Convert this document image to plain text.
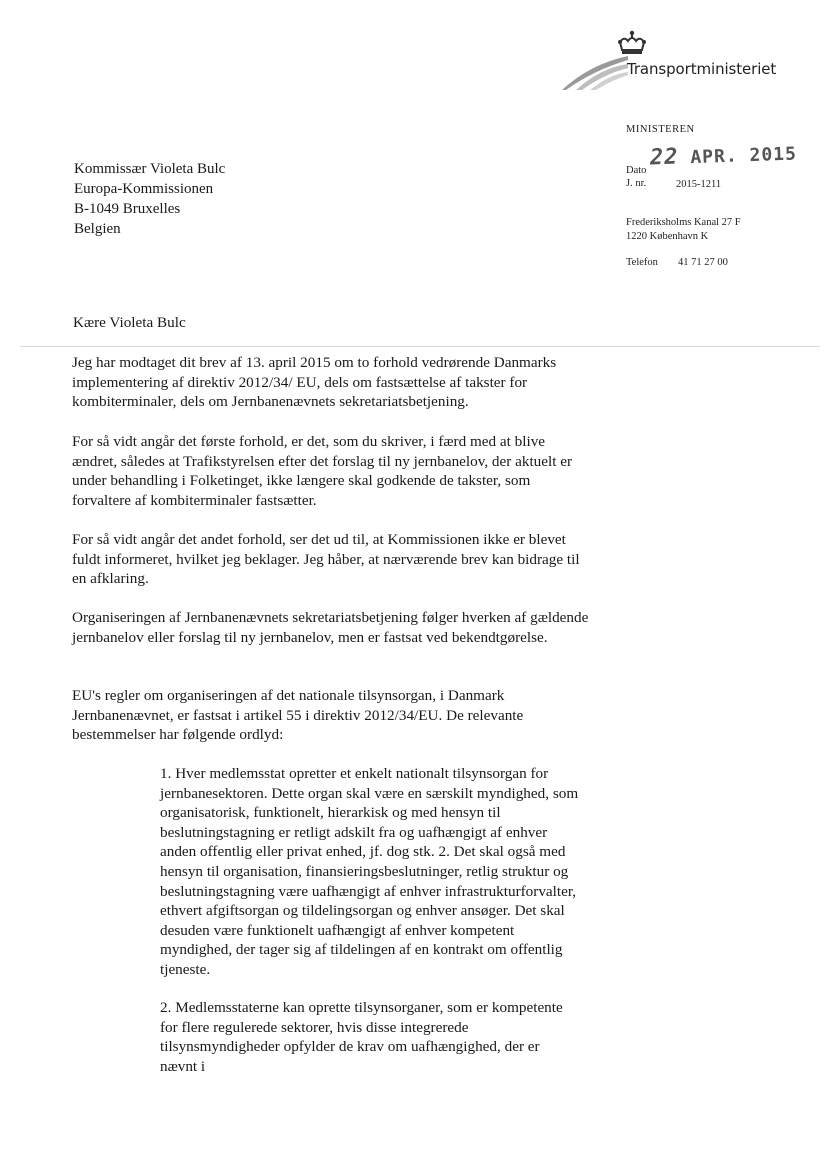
Transportministeriet
MINISTEREN
Dato 22 APR. 2015
J. nr.	2015-1211
Frederiksholms Kanal 27 F
1220 København K
Telefon 41 71 27 00
Kommissær Violeta Bulc
Europa-Kommissionen
B-1049 Bruxelles
Belgien
Kære Violeta Bulc

Jeg har modtaget dit brev af 13. april 2015 om to forhold vedrørende Danmarks implementering af direktiv 2012/34/ EU, dels om fastsættelse af takster for kombiterminaler, dels om Jernbanenævnets sekretariatsbetjening.

For så vidt angår det første forhold, er det, som du skriver, i færd med at blive ændret, således at Trafikstyrelsen efter det forslag til ny jernbanelov, der aktuelt er under behandling i Folketinget, ikke længere skal godkende de takster, som forvaltere af kombiterminaler fastsætter.

For så vidt angår det andet forhold, ser det ud til, at Kommissionen ikke er blevet fuldt informeret, hvilket jeg beklager. Jeg håber, at nærværende brev kan bidrage til en afklaring.

Organiseringen af Jernbanenævnets sekretariatsbetjening følger hverken af gældende jernbanelov eller forslag til ny jernbanelov, men er fastsat ved bekendtgørelse.

EU's regler om organiseringen af det nationale tilsynsorgan, i Danmark Jernbanenævnet, er fastsat i artikel 55 i direktiv 2012/34/EU. De relevante bestemmelser har følgende ordlyd:

1. Hver medlemsstat opretter et enkelt nationalt tilsynsorgan for jernbanesektoren. Dette organ skal være en særskilt myndighed, som organisatorisk, funktionelt, hierarkisk og med hensyn til beslutningstagning er retligt adskilt fra og uafhængigt af enhver anden offentlig eller privat enhed, jf. dog stk. 2. Det skal også med hensyn til organisation, finansieringsbeslutninger, retlig struktur og beslutningstagning være uafhængigt af enhver infrastrukturforvalter, ethvert afgiftsorgan og tildelingsorgan og enhver ansøger. Det skal desuden være funktionelt uafhængigt af enhver kompetent myndighed, der tager sig af tildelingen af en kontrakt om offentlig tjeneste.

2. Medlemsstaterne kan oprette tilsynsorganer, som er kompetente for flere regulerede sektorer, hvis disse integrerede tilsynsmyndigheder opfylder de krav om uafhængighed, der er nævnt i
